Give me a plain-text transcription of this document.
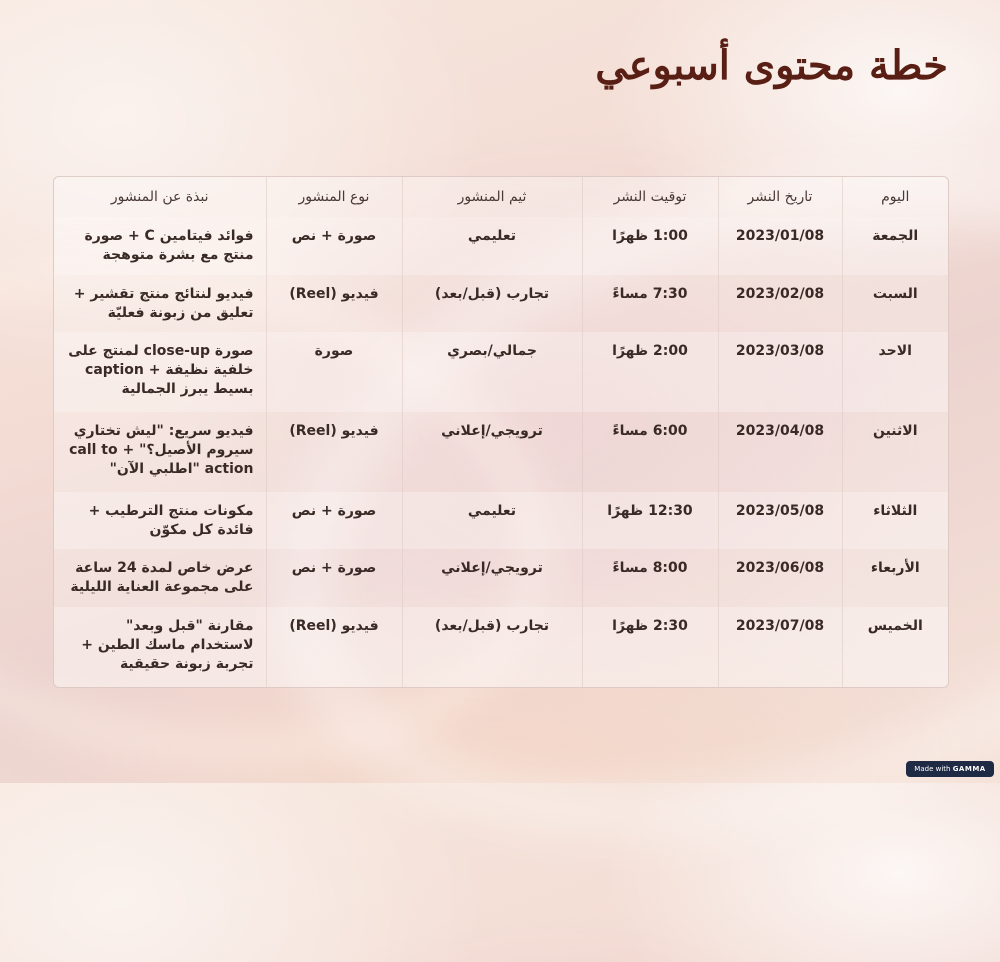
خطة محتوى أسبوعي
اليوم	تاريخ النشر	توقيت النشر	ثيم المنشور	نوع المنشور	نبذة عن المنشور
الجمعة	2023/01/08	1:00 ظهرًا	تعليمي	صورة + نص	فوائد فيتامين C + صورة منتج مع بشرة متوهجة
السبت	2023/02/08	7:30 مساءً	تجارب (قبل/بعد)	فيديو (Reel)	فيديو لنتائج منتج تقشير + تعليق من زبونة فعليّة
الاحد	2023/03/08	2:00 ظهرًا	جمالي/بصري	صورة	صورة close-up لمنتج على خلفية نظيفة + caption بسيط يبرز الجمالية
الاثنين	2023/04/08	6:00 مساءً	ترويجي/إعلاني	فيديو (Reel)	فيديو سريع: "ليش تختاري سيروم الأصيل؟" + call to action "اطلبي الآن"
الثلاثاء	2023/05/08	12:30 ظهرًا	تعليمي	صورة + نص	مكونات منتج الترطيب + فائدة كل مكوّن
الأربعاء	2023/06/08	8:00 مساءً	ترويجي/إعلاني	صورة + نص	عرض خاص لمدة 24 ساعة على مجموعة العناية الليلية
الخميس	2023/07/08	2:30 ظهرًا	تجارب (قبل/بعد)	فيديو (Reel)	مقارنة "قبل وبعد" لاستخدام ماسك الطين + تجربة زبونة حقيقية
Made with GAMMA
